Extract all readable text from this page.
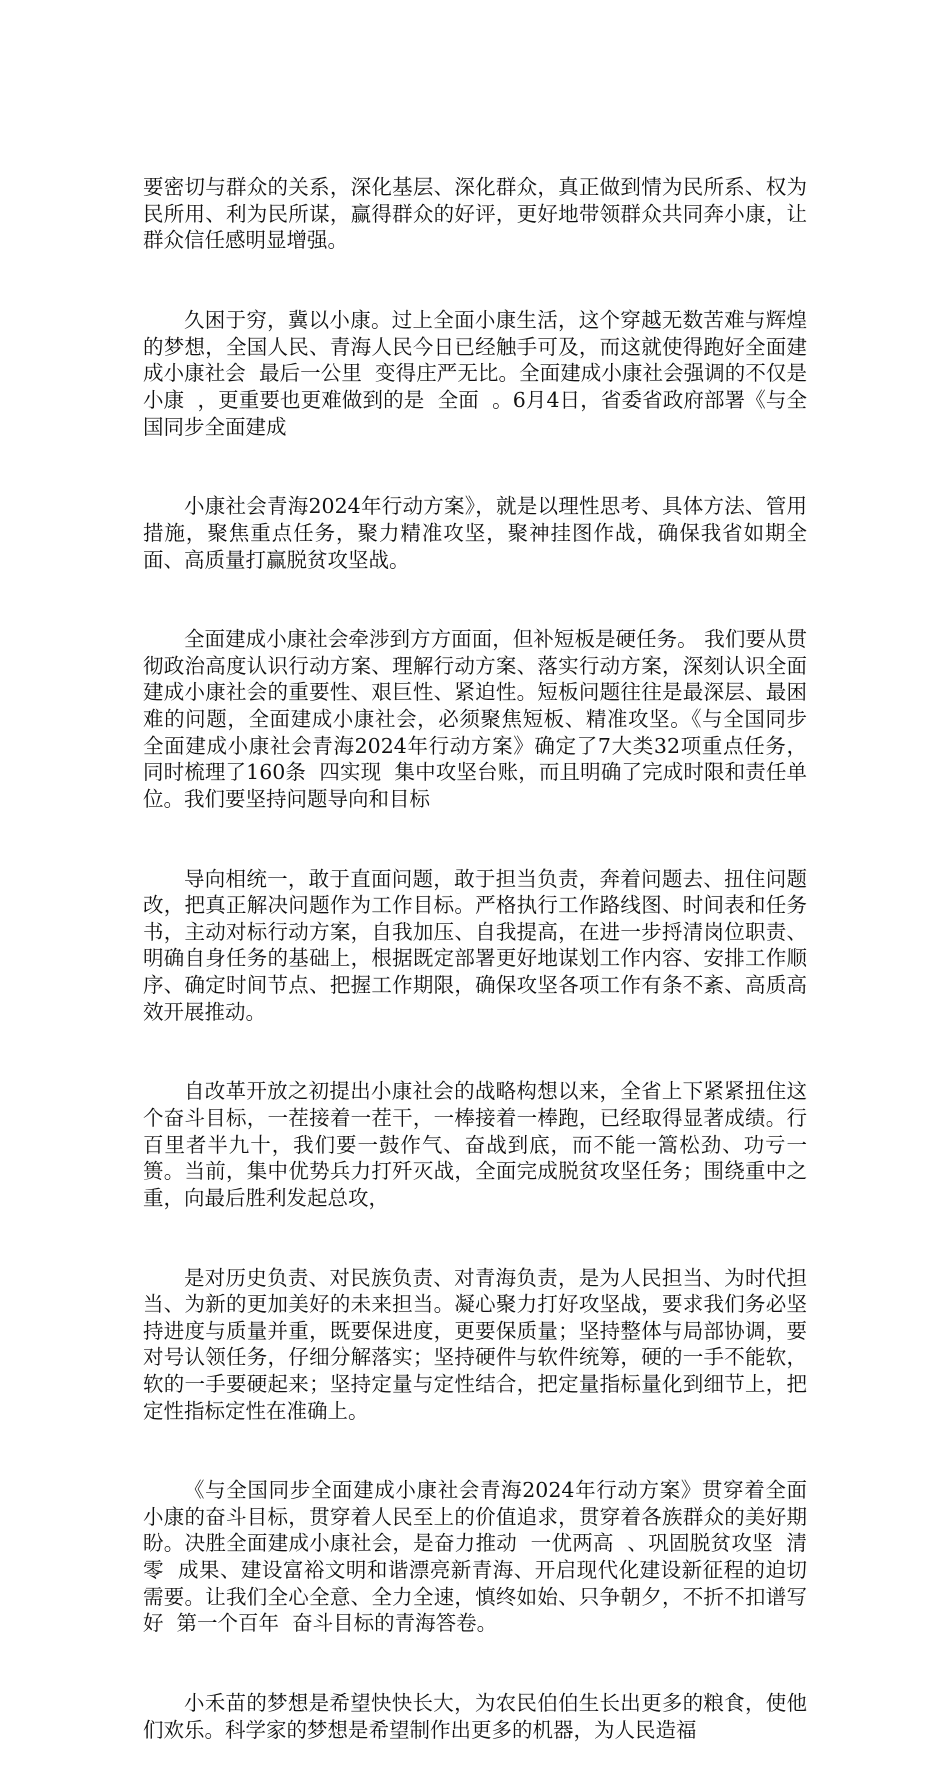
要密切与群众的关系，深化基层、深化群众，真正做到情为民所系、权为民所用、利为民所谋，赢得群众的好评，更好地带领群众共同奔小康，让群众信任感明显增强。

久困于穷，冀以小康。过上全面小康生活，这个穿越无数苦难与辉煌的梦想，全国人民、青海人民今日已经触手可及，而这就使得跑好全面建成小康社会  最后一公里  变得庄严无比。全面建成小康社会强调的不仅是  小康  ，更重要也更难做到的是  全面  。6月4日，省委省政府部署《与全国同步全面建成

小康社会青海2024年行动方案》，就是以理性思考、具体方法、管用措施，聚焦重点任务，聚力精准攻坚，聚神挂图作战，确保我省如期全面、高质量打赢脱贫攻坚战。

全面建成小康社会牵涉到方方面面，但补短板是硬任务。 我们要从贯彻政治高度认识行动方案、理解行动方案、落实行动方案，深刻认识全面建成小康社会的重要性、艰巨性、紧迫性。短板问题往往是最深层、最困难的问题，全面建成小康社会，必须聚焦短板、精准攻坚。《与全国同步全面建成小康社会青海2024年行动方案》确定了7大类32项重点任务，同时梳理了160条  四实现  集中攻坚台账，而且明确了完成时限和责任单位。我们要坚持问题导向和目标

导向相统一，敢于直面问题，敢于担当负责，奔着问题去、扭住问题改，把真正解决问题作为工作目标。严格执行工作路线图、时间表和任务书，主动对标行动方案，自我加压、自我提高，在进一步捋清岗位职责、明确自身任务的基础上，根据既定部署更好地谋划工作内容、安排工作顺序、确定时间节点、把握工作期限，确保攻坚各项工作有条不紊、高质高效开展推动。

自改革开放之初提出小康社会的战略构想以来，全省上下紧紧扭住这个奋斗目标，一茬接着一茬干，一棒接着一棒跑，已经取得显著成绩。行百里者半九十，我们要一鼓作气、奋战到底，而不能一篙松劲、功亏一篑。当前，集中优势兵力打歼灭战，全面完成脱贫攻坚任务；围绕重中之重，向最后胜利发起总攻，

是对历史负责、对民族负责、对青海负责，是为人民担当、为时代担当、为新的更加美好的未来担当。凝心聚力打好攻坚战，要求我们务必坚持进度与质量并重，既要保进度，更要保质量；坚持整体与局部协调，要对号认领任务，仔细分解落实；坚持硬件与软件统筹，硬的一手不能软，软的一手要硬起来；坚持定量与定性结合，把定量指标量化到细节上，把定性指标定性在准确上。

《与全国同步全面建成小康社会青海2024年行动方案》贯穿着全面小康的奋斗目标，贯穿着人民至上的价值追求，贯穿着各族群众的美好期盼。决胜全面建成小康社会，是奋力推动  一优两高  、巩固脱贫攻坚  清零  成果、建设富裕文明和谐漂亮新青海、开启现代化建设新征程的迫切需要。让我们全心全意、全力全速，慎终如始、只争朝夕，不折不扣谱写好  第一个百年  奋斗目标的青海答卷。

小禾苗的梦想是希望快快长大，为农民伯伯生长出更多的粮食，使他们欢乐。科学家的梦想是希望制作出更多的机器，为人民造福
